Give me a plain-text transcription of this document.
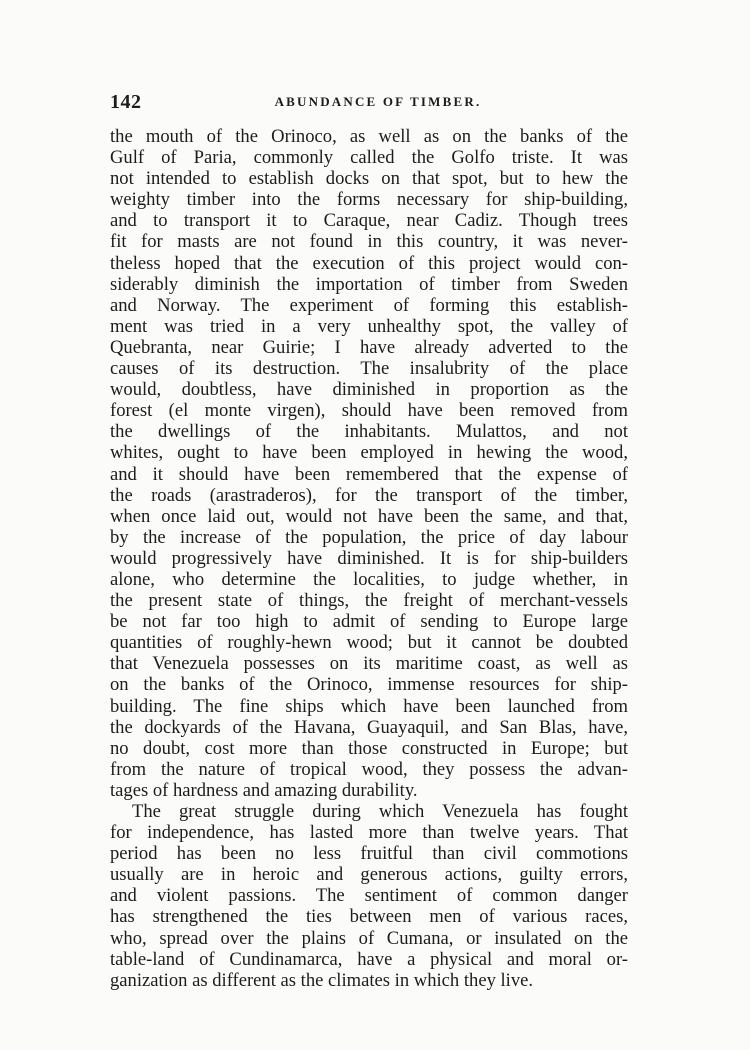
142	ABUNDANCE OF TIMBER.
the mouth of the Orinoco, as well as on the banks of the
Gulf of Paria, commonly called the Golfo triste. It was
not intended to establish docks on that spot, but to hew the
weighty timber into the forms necessary for ship-building,
and to transport it to Caraque, near Cadiz. Though trees
fit for masts are not found in this country, it was never-
theless hoped that the execution of this project would con-
siderably diminish the importation of timber from Sweden
and Norway. The experiment of forming this establish-
ment was tried in a very unhealthy spot, the valley of
Quebranta, near Guirie; I have already adverted to the
causes of its destruction. The insalubrity of the place
would, doubtless, have diminished in proportion as the
forest (el monte virgen), should have been removed from
the dwellings of the inhabitants. Mulattos, and not
whites, ought to have been employed in hewing the wood,
and it should have been remembered that the expense of
the roads (arastraderos), for the transport of the timber,
when once laid out, would not have been the same, and that,
by the increase of the population, the price of day labour
would progressively have diminished. It is for ship-builders
alone, who determine the localities, to judge whether, in
the present state of things, the freight of merchant-vessels
be not far too high to admit of sending to Europe large
quantities of roughly-hewn wood; but it cannot be doubted
that Venezuela possesses on its maritime coast, as well as
on the banks of the Orinoco, immense resources for ship-
building. The fine ships which have been launched from
the dockyards of the Havana, Guayaquil, and San Blas, have,
no doubt, cost more than those constructed in Europe; but
from the nature of tropical wood, they possess the advan-
tages of hardness and amazing durability.
The great struggle during which Venezuela has fought
for independence, has lasted more than twelve years. That
period has been no less fruitful than civil commotions
usually are in heroic and generous actions, guilty errors,
and violent passions. The sentiment of common danger
has strengthened the ties between men of various races,
who, spread over the plains of Cumana, or insulated on the
table-land of Cundinamarca, have a physical and moral or-
ganization as different as the climates in which they live.
